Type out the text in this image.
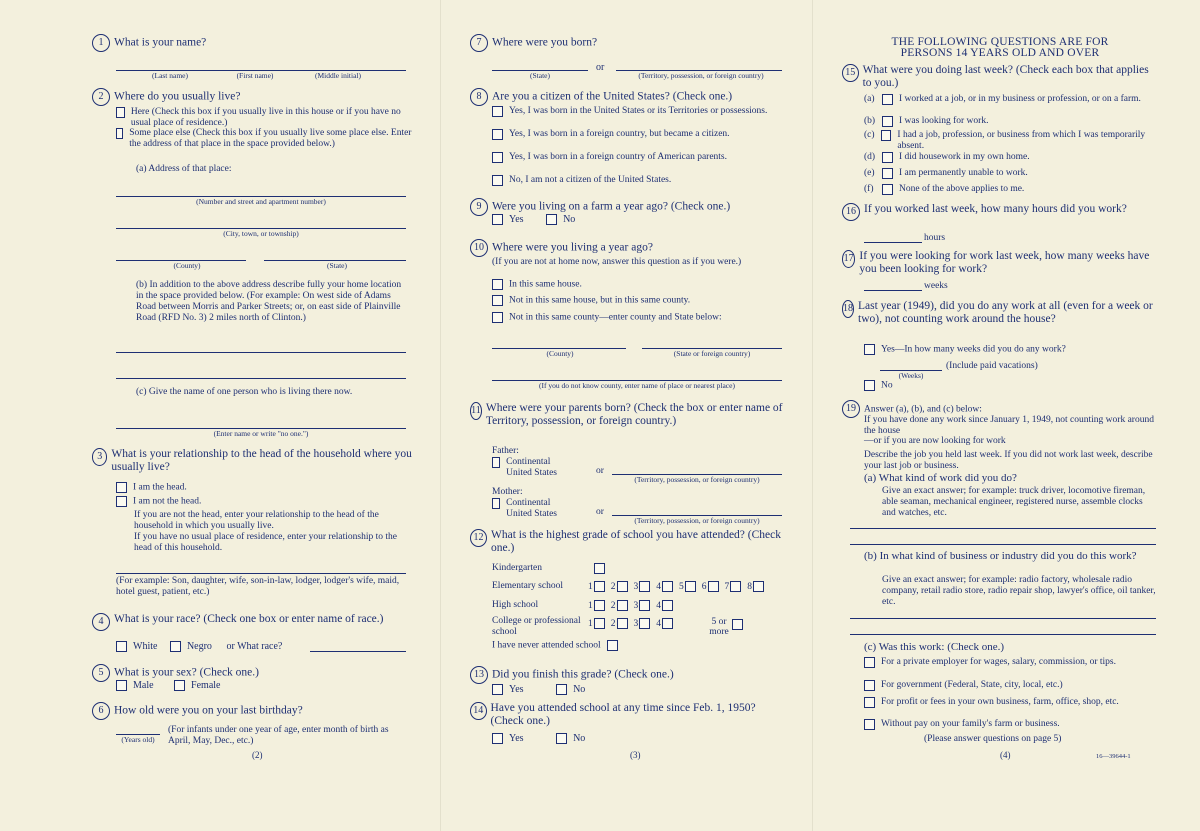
1 What is your name?
(Last name)	(First name)	(Middle initial)
2 Where do you usually live?
Here (Check this box if you usually live in this house or if you have no usual place of residence.)
Some place else (Check this box if you usually live some place else. Enter the address of that place in the space provided below.)
(a) Address of that place:
(Number and street and apartment number)
(City, town, or township)
(County)	(State)
(b) In addition to the above address describe fully your home location in the space provided below. (For example: On west side of Adams Road between Morris and Parker Streets; or, on east side of Plainville Road (RFD No. 3) 2 miles north of Clinton.)
(c) Give the name of one person who is living there now.
(Enter name or write "no one.")
3 What is your relationship to the head of the household where you usually live?
I am the head.
I am not the head.
If you are not the head, enter your relationship to the head of the household in which you usually live.
If you have no usual place of residence, enter your relationship to the head of this household.
(For example: Son, daughter, wife, son-in-law, lodger, lodger's wife, maid, hotel guest, patient, etc.)
4 What is your race? (Check one box or enter name of race.)
White	Negro or What race?
5 What is your sex? (Check one.)
Male	Female
6 How old were you on your last birthday?
(Years old)
(For infants under one year of age, enter month of birth as April, May, Dec., etc.)
(2)
7 Where were you born?
or
(State)	(Territory, possession, or foreign country)
8 Are you a citizen of the United States? (Check one.)
Yes, I was born in the United States or its Territories or possessions.
Yes, I was born in a foreign country, but became a citizen.
Yes, I was born in a foreign country of American parents.
No, I am not a citizen of the United States.
9 Were you living on a farm a year ago? (Check one.)
Yes	No
10 Where were you living a year ago?
(If you are not at home now, answer this question as if you were.)
In this same house.
Not in this same house, but in this same county.
Not in this same county—enter county and State below:
(County)	(State or foreign country)
(If you do not know county, enter name of place or nearest place)
11 Where were your parents born? (Check the box or enter name of Territory, possession, or foreign country.)
Father:
Continental United States	or
(Territory, possession, or foreign country)
Mother:
Continental United States	or
(Territory, possession, or foreign country)
12 What is the highest grade of school you have attended? (Check one.)
Kindergarten
Elementary school	1 2 3 4 5 6 7 8
High school	1 2 3 4
College or professional school
1 2 3 4	5 or more
I have never attended school
13 Did you finish this grade? (Check one.)
Yes	No
14 Have you attended school at any time since Feb. 1, 1950? (Check one.)
Yes	No
(3)
THE FOLLOWING QUESTIONS ARE FOR
PERSONS 14 YEARS OLD AND OVER
15 What were you doing last week? (Check each box that applies to you.)
(a)	I worked at a job, or in my business or profession, or on a farm.
(b)	I was looking for work.
(c)	I had a job, profession, or business from which I was temporarily absent.
(d)	I did housework in my own home.
(e)	I am permanently unable to work.
(f)	None of the above applies to me.
16 If you worked last week, how many hours did you work?
hours
17 If you were looking for work last week, how many weeks have you been looking for work?
weeks
18 Last year (1949), did you do any work at all (even for a week or two), not counting work around the house?
Yes—In how many weeks did you do any work?
(Include paid vacations)
(Weeks)
No
19 Answer (a), (b), and (c) below:
If you have done any work since January 1, 1949, not counting work around the house
—or if you are now looking for work
Describe the job you held last week. If you did not work last week, describe your last job or business.
(a) What kind of work did you do?
Give an exact answer; for example: truck driver, locomotive fireman, able seaman, mechanical engineer, registered nurse, assemble clocks and watches, etc.
(b) In what kind of business or industry did you do this work?
Give an exact answer; for example: radio factory, wholesale radio company, retail radio store, radio repair shop, lawyer's office, oil tanker, etc.
(c) Was this work: (Check one.)
For a private employer for wages, salary, commission, or tips.
For government (Federal, State, city, local, etc.)
For profit or fees in your own business, farm, office, shop, etc.
Without pay on your family's farm or business.
(Please answer questions on page 5)
(4)	16—39644-1
